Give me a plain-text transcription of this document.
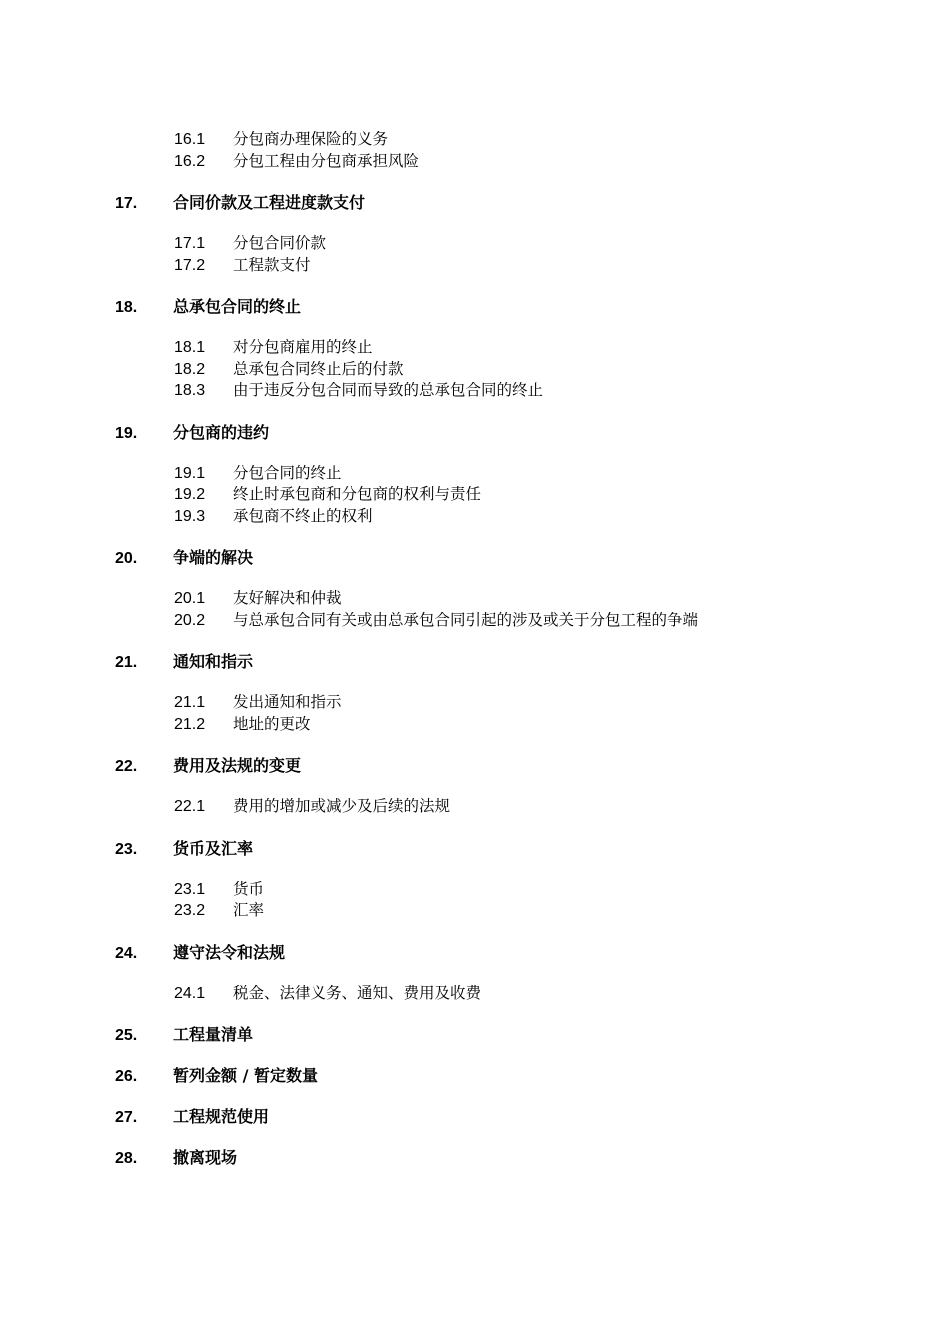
16.1	分包商办理保险的义务
16.2	分包工程由分包商承担风险
17.	合同价款及工程进度款支付
17.1	分包合同价款
17.2	工程款支付
18.	总承包合同的终止
18.1	对分包商雇用的终止
18.2	总承包合同终止后的付款
18.3	由于违反分包合同而导致的总承包合同的终止
19.	分包商的违约
19.1	分包合同的终止
19.2	终止时承包商和分包商的权利与责任
19.3	承包商不终止的权利
20.	争端的解决
20.1	友好解决和仲裁
20.2	与总承包合同有关或由总承包合同引起的涉及或关于分包工程的争端
21.	通知和指示
21.1	发出通知和指示
21.2	地址的更改
22.	费用及法规的变更
22.1	费用的增加或减少及后续的法规
23.	货币及汇率
23.1	货币
23.2	汇率
24.	遵守法令和法规
24.1	税金、法律义务、通知、费用及收费
25.	工程量清单
26.	暂列金额 / 暂定数量
27.	工程规范使用
28.	撤离现场
